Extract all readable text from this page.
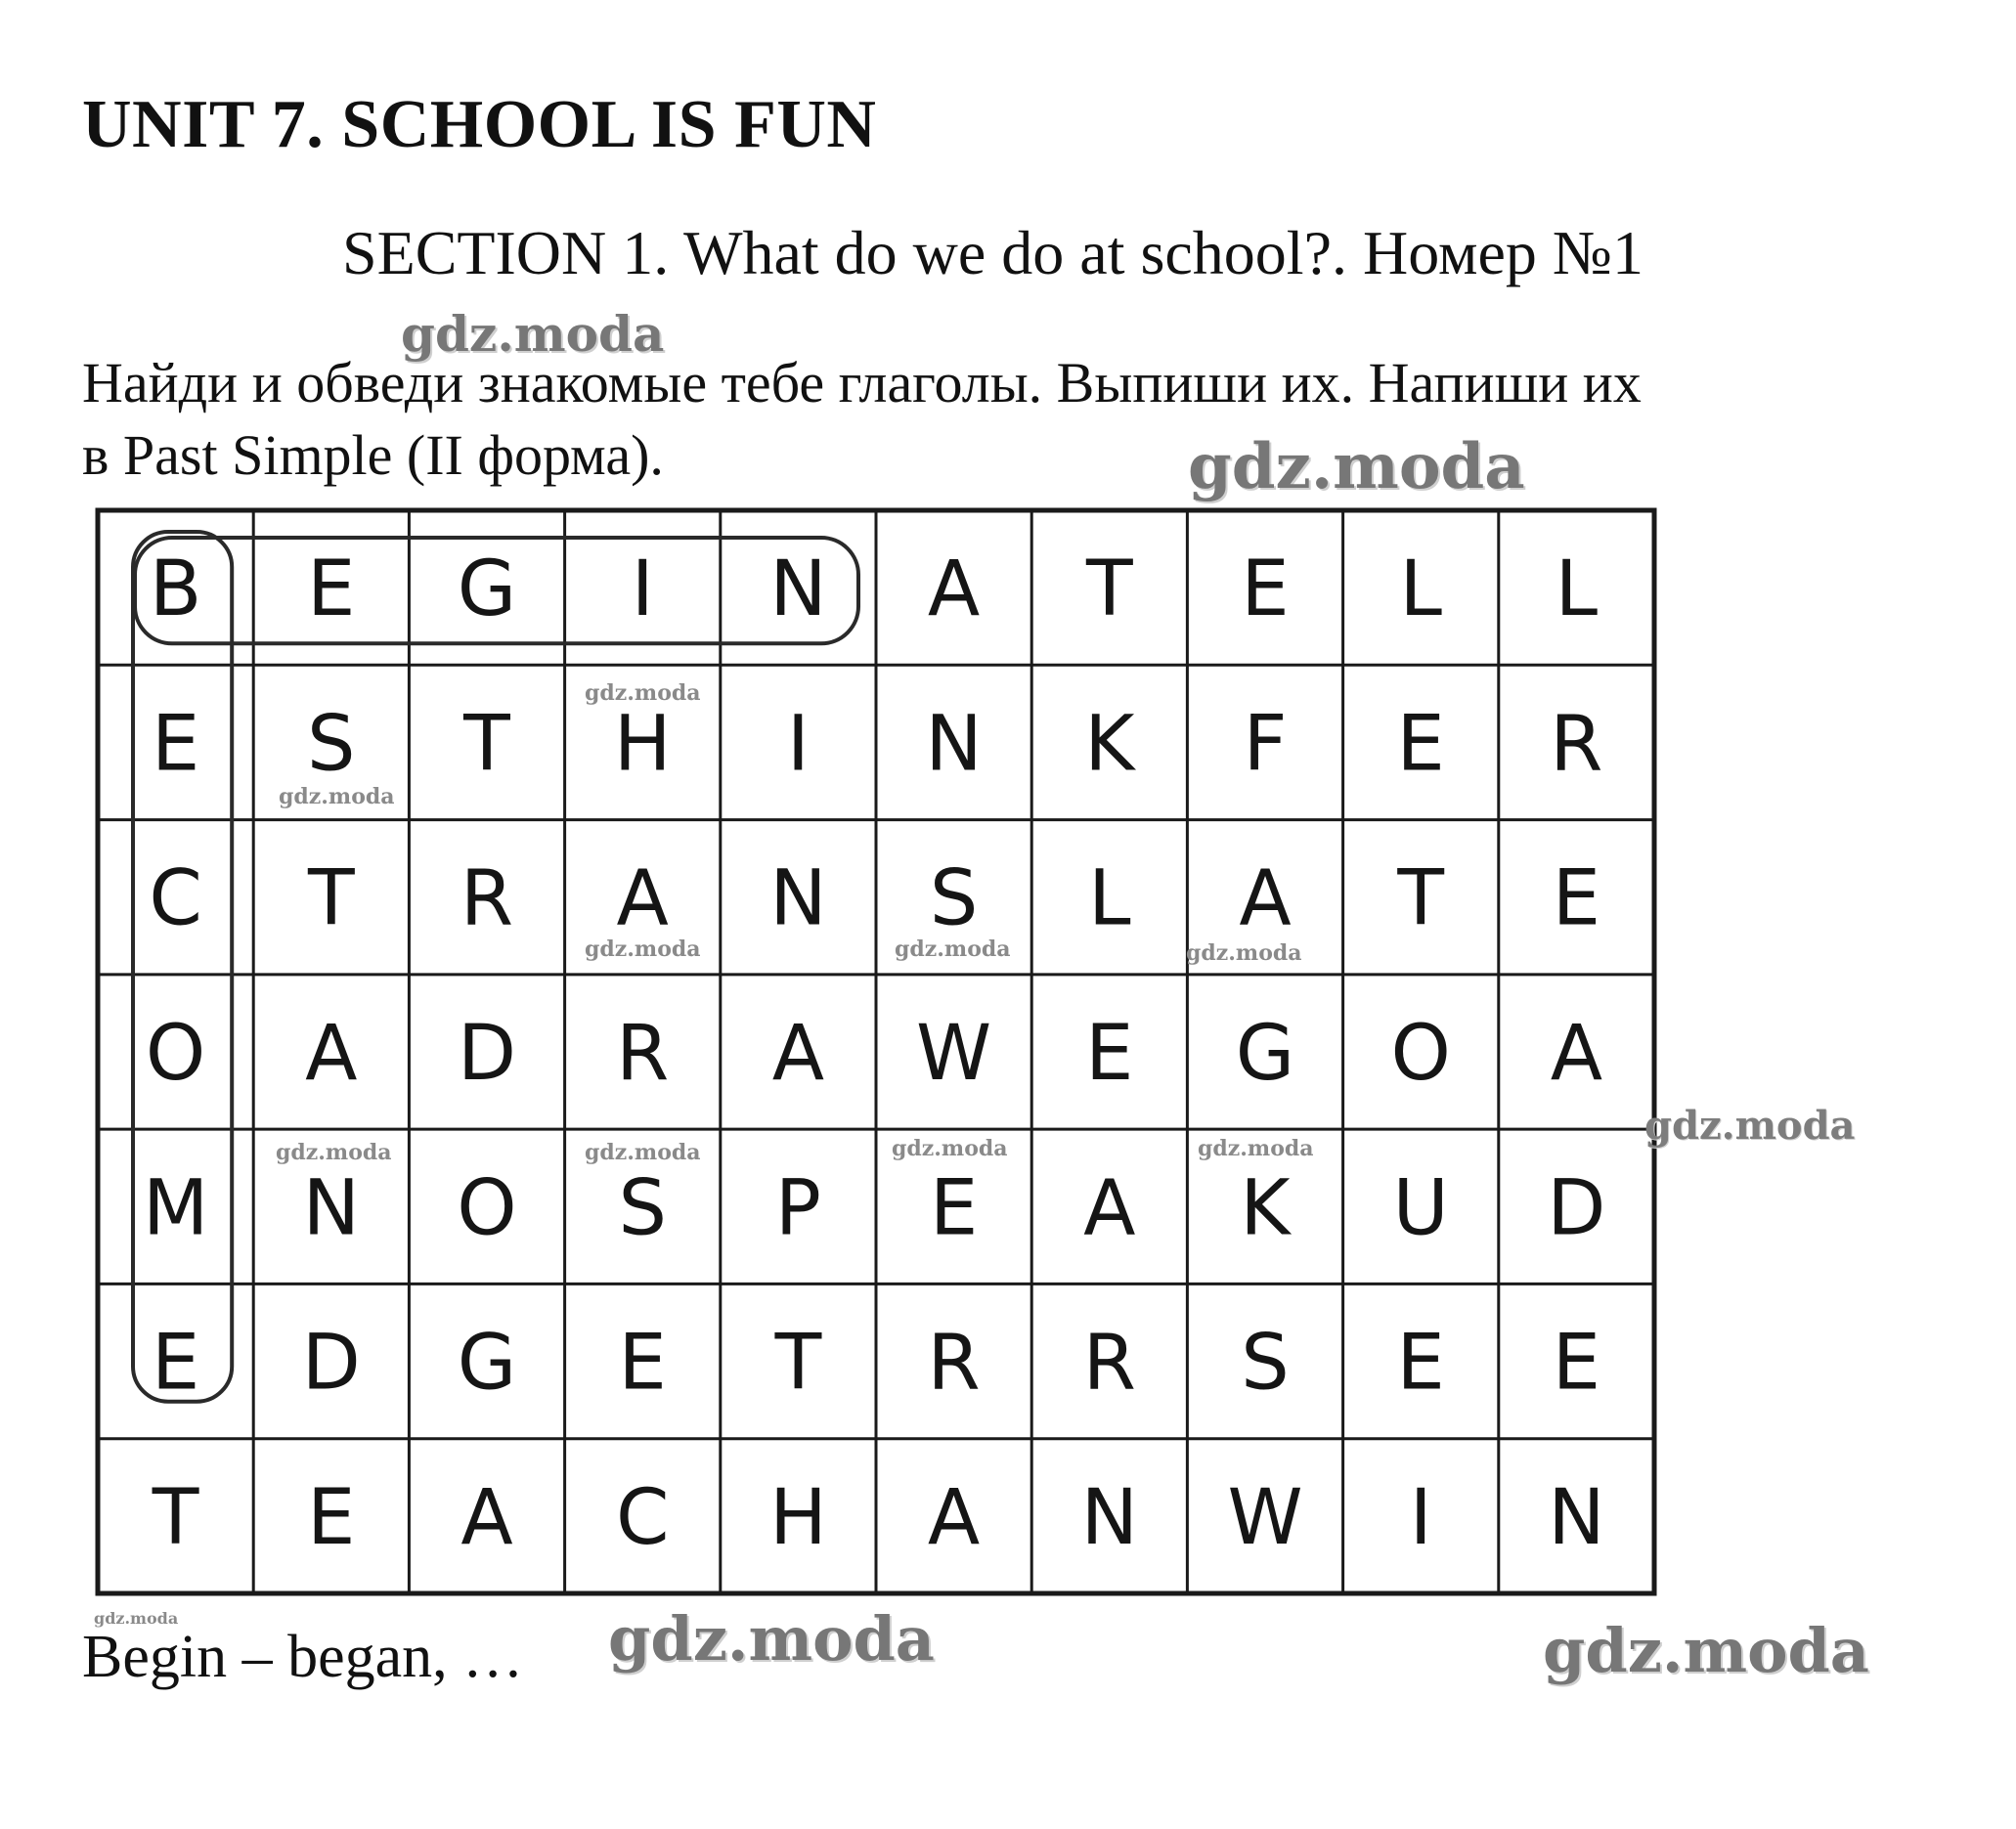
UNIT 7. SCHOOL IS FUN
SECTION 1. What do we do at school?. Номер №1
gdz.moda
Найди и обведи знакомые тебе глаголы. Выпиши их. Напиши их
в Past Simple (II форма).	gdz.moda
B E G I N A T E L L
E S T H I N K F E R
C T R A N S L A T E
O A D R A W E G O A
M N O S P E A K U D
E D G E T R R S E E
T E A C H A N W I N
gdz.moda
gdz.moda
gdz.moda	gdz.moda	gdz.moda
gdz.moda	gdz.moda	gdz.moda	gdz.moda	gdz.moda
gdz.moda
Begin – began, … gdz.moda	gdz.moda
